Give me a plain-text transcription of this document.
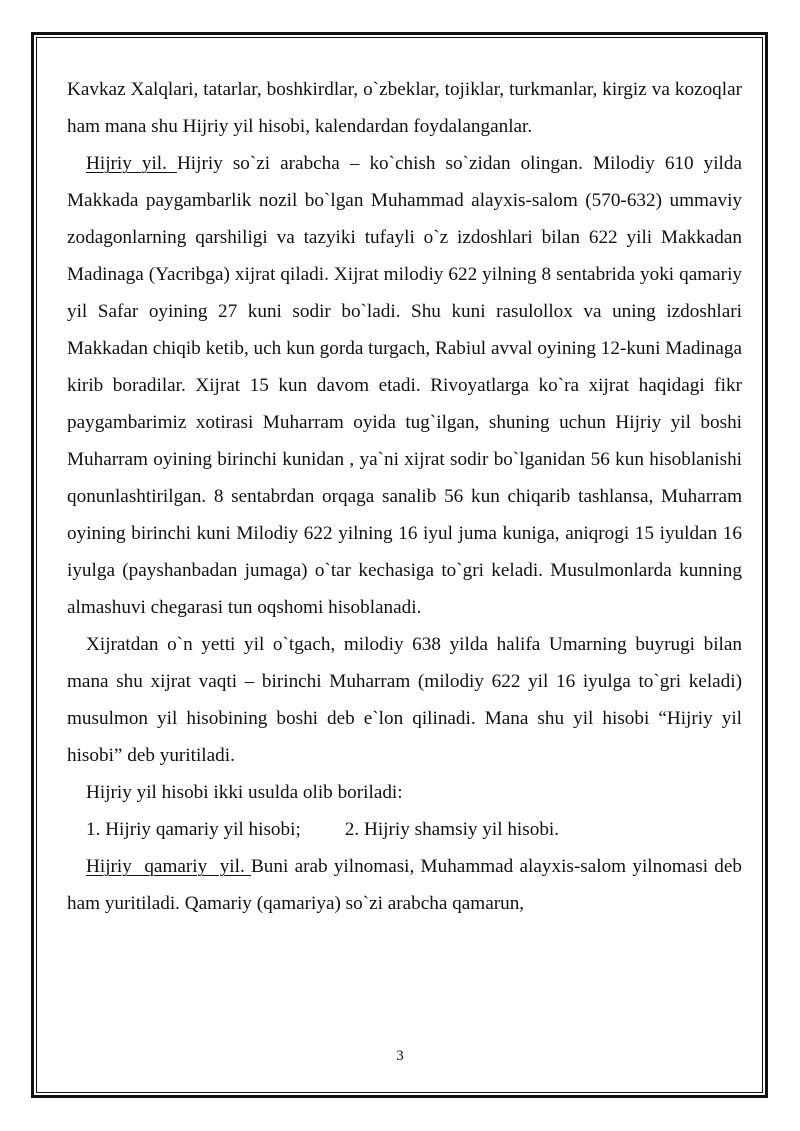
Kavkaz Xalqlari, tatarlar, boshkirdlar, o`zbeklar, tojiklar, turkmanlar, kirgiz va kozoqlar ham mana shu Hijriy yil hisobi, kalendardan foydalanganlar.

Hijriy yil. Hijriy so`zi arabcha – ko`chish so`zidan olingan. Milodiy 610 yilda Makkada paygambarlik nozil bo`lgan Muhammad alayxis-salom (570-632) ummaviy zodagonlarning qarshiligi va tazyiki tufayli o`z izdoshlari bilan 622 yili Makkadan Madinaga (Yacribga) xijrat qiladi. Xijrat milodiy 622 yilning 8 sentabrida yoki qamariy yil Safar oyining 27 kuni sodir bo`ladi. Shu kuni rasulollox va uning izdoshlari Makkadan chiqib ketib, uch kun gorda turgach, Rabiul avval oyining 12-kuni Madinaga kirib boradilar. Xijrat 15 kun davom etadi. Rivoyatlarga ko`ra xijrat haqidagi fikr paygambarimiz xotirasi Muharram oyida tug`ilgan, shuning uchun Hijriy yil boshi Muharram oyining birinchi kunidan , ya`ni xijrat sodir bo`lganidan 56 kun hisoblanishi qonunlashtirilgan. 8 sentabrdan orqaga sanalib 56 kun chiqarib tashlansa, Muharram oyining birinchi kuni Milodiy 622 yilning 16 iyul juma kuniga, aniqrogi 15 iyuldan 16 iyulga (payshanbadan jumaga) o`tar kechasiga to`gri keladi. Musulmonlarda kunning almashuvi chegarasi tun oqshomi hisoblanadi.

Xijratdan o`n yetti yil o`tgach, milodiy 638 yilda halifa Umarning buyrugi bilan mana shu xijrat vaqti – birinchi Muharram (milodiy 622 yil 16 iyulga to`gri keladi) musulmon yil hisobining boshi deb e`lon qilinadi. Mana shu yil hisobi “Hijriy yil hisobi” deb yuritiladi.

Hijriy yil hisobi ikki usulda olib boriladi:

1. Hijriy qamariy yil hisobi; 2. Hijriy shamsiy yil hisobi.

Hijriy  qamariy  yil. Buni arab yilnomasi, Muhammad alayxis-salom yilnomasi deb ham yuritiladi. Qamariy (qamariya) so`zi arabcha qamarun,

3
